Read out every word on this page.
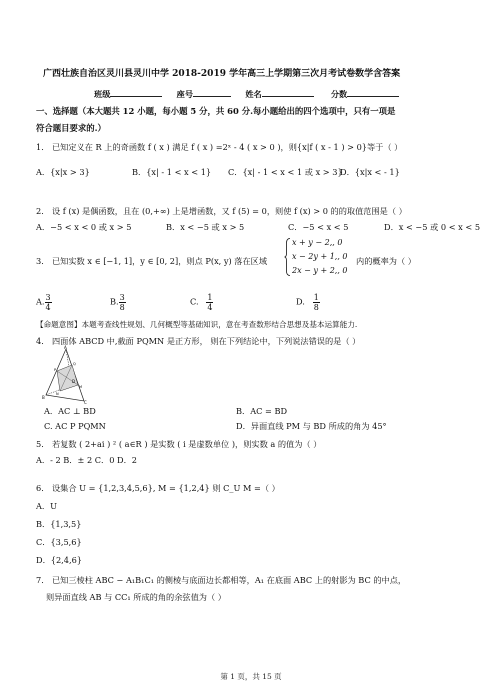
广西壮族自治区灵川县灵川中学 2018-2019 学年高三上学期第三次月考试卷数学含答案
班级	座号	姓名	分数
一、选择题（本大题共 12 小题，每小题 5 分，共 60 分.每小题给出的四个选项中，只有一项是
符合题目要求的.）
1． 已知定义在 R 上的奇函数 f ( x ) 满足 f ( x ) =2ˣ - 4 ( x > 0 )，则{x|f ( x - 1 ) > 0}等于（ ）
A．{x|x > 3}	B．{x| - 1 < x < 1} C．{x| - 1 < x < 1 或 x > 3}
D．{x|x < - 1}
2． 设 f (x) 是偶函数，且在 (0,+∞) 上是增函数，又 f (5) = 0，则使 f (x) > 0 的的取值范围是（ ）
A．−5 < x < 0 或 x > 5	B．x < −5 或 x > 5	C．−5 < x < 5	D．x < −5 或 0 < x < 5
3． 已知实数 x ∈ [−1, 1]，y ∈ [0, 2]，则点 P(x, y) 落在区域
x + y − 2,, 0
x − 2y + 1,, 0
2x − y + 2,, 0
内的概率为（ ）
A. $\frac{3}{4}$	B. $\frac{3}{8}$	C. $\frac{1}{4}$	D. $\frac{1}{8}$
【命题意图】本题考查线性规划、几何概型等基础知识，意在考查数形结合思想及基本运算能力.
4． 四面体 ABCD 中,截面 PQMN 是正方形， 则在下列结论中，下列说法错误的是（ ）
A
B
C
D
P
Q
M
N
A．AC ⊥ BD	B．AC = BD
C. AC P PQMN	D．异面直线 PM 与 BD 所成的角为 45°
5． 若复数 ( 2+ai ) ² ( a∈R ) 是实数 ( i 是虚数单位 )，则实数 a 的值为（ ）
A．- 2 B．± 2 C．0 D．2
6． 设集合 U = {1,2,3,4,5,6}, M = {1,2,4} 则 C_U M =（ ）
A．U
B．{1,3,5}
C．{3,5,6}
D．{2,4,6}
7． 已知三棱柱 ABC − A₁B₁C₁ 的侧棱与底面边长都相等，A₁ 在底面 ABC 上的射影为 BC 的中点，
则异面直线 AB 与 CC₁ 所成的角的余弦值为（ ）
第 1 页，共 15 页
